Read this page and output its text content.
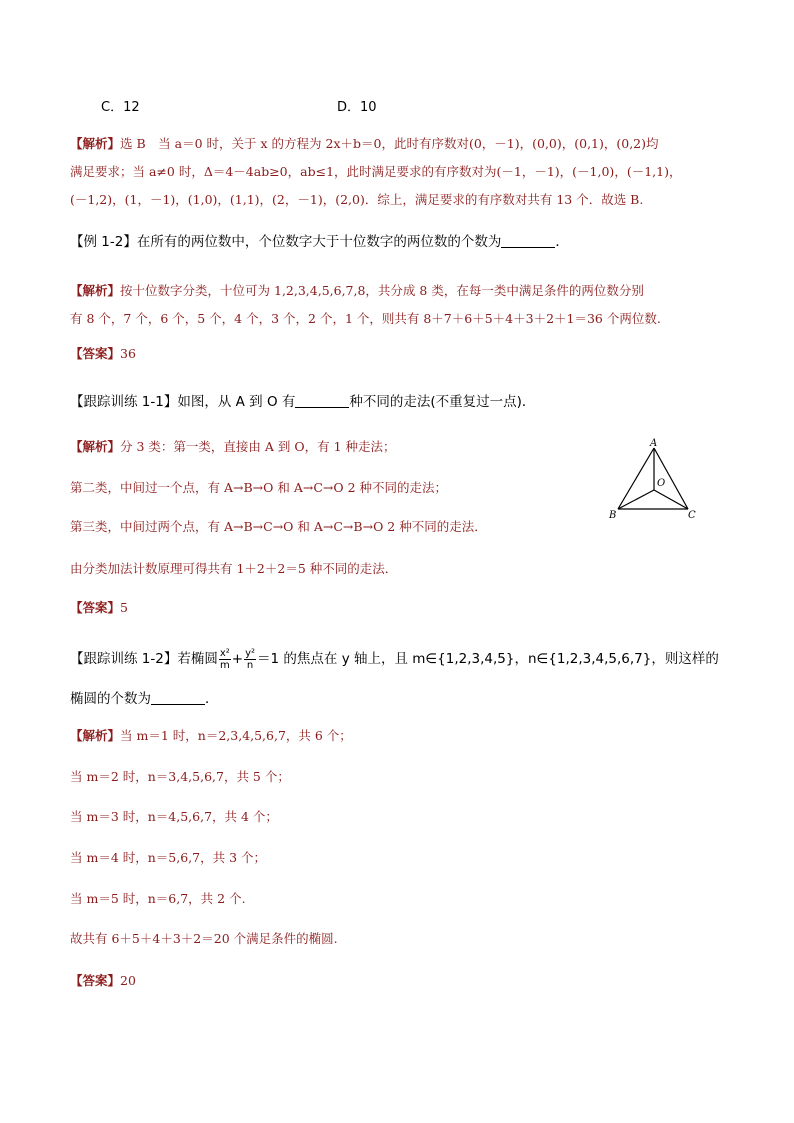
C．12	D．10
【解析】选 B　当 a＝0 时，关于 x 的方程为 2x＋b＝0，此时有序数对(0，－1)，(0,0)，(0,1)，(0,2)均
满足要求；当 a≠0 时，Δ＝4－4ab≥0，ab≤1，此时满足要求的有序数对为(－1，－1)，(－1,0)，(－1,1)，
(－1,2)，(1，－1)，(1,0)，(1,1)，(2，－1)，(2,0)．综上，满足要求的有序数对共有 13 个．故选 B.
【例 1-2】在所有的两位数中，个位数字大于十位数字的两位数的个数为	．
【解析】按十位数字分类，十位可为 1,2,3,4,5,6,7,8，共分成 8 类，在每一类中满足条件的两位数分别
有 8 个，7 个，6 个，5 个，4 个，3 个，2 个，1 个，则共有 8＋7＋6＋5＋4＋3＋2＋1＝36 个两位数.
【答案】36
【跟踪训练 1-1】如图，从 A 到 O 有	种不同的走法(不重复过一点)．
【解析】分 3 类：第一类，直接由 A 到 O，有 1 种走法；
第二类，中间过一个点，有 A→B→O 和 A→C→O 2 种不同的走法；
第三类，中间过两个点，有 A→B→C→O 和 A→C→B→O 2 种不同的走法．
由分类加法计数原理可得共有 1＋2＋2＝5 种不同的走法．
A
O
B	C
【答案】5
【跟踪训练 1-2】若椭圆 $\frac{\text{x²}}{m} + \frac{\text{y²}}{n} =1$ 的焦点在 y 轴上，且 m∈{1,2,3,4,5}，n∈{1,2,3,4,5,6,7}，则这样的
椭圆的个数为	．
【解析】当 m＝1 时，n＝2,3,4,5,6,7，共 6 个；
当 m＝2 时，n＝3,4,5,6,7，共 5 个；
当 m＝3 时，n＝4,5,6,7，共 4 个；
当 m＝4 时，n＝5,6,7，共 3 个；
当 m＝5 时，n＝6,7，共 2 个.
故共有 6＋5＋4＋3＋2＝20 个满足条件的椭圆.
【答案】20
